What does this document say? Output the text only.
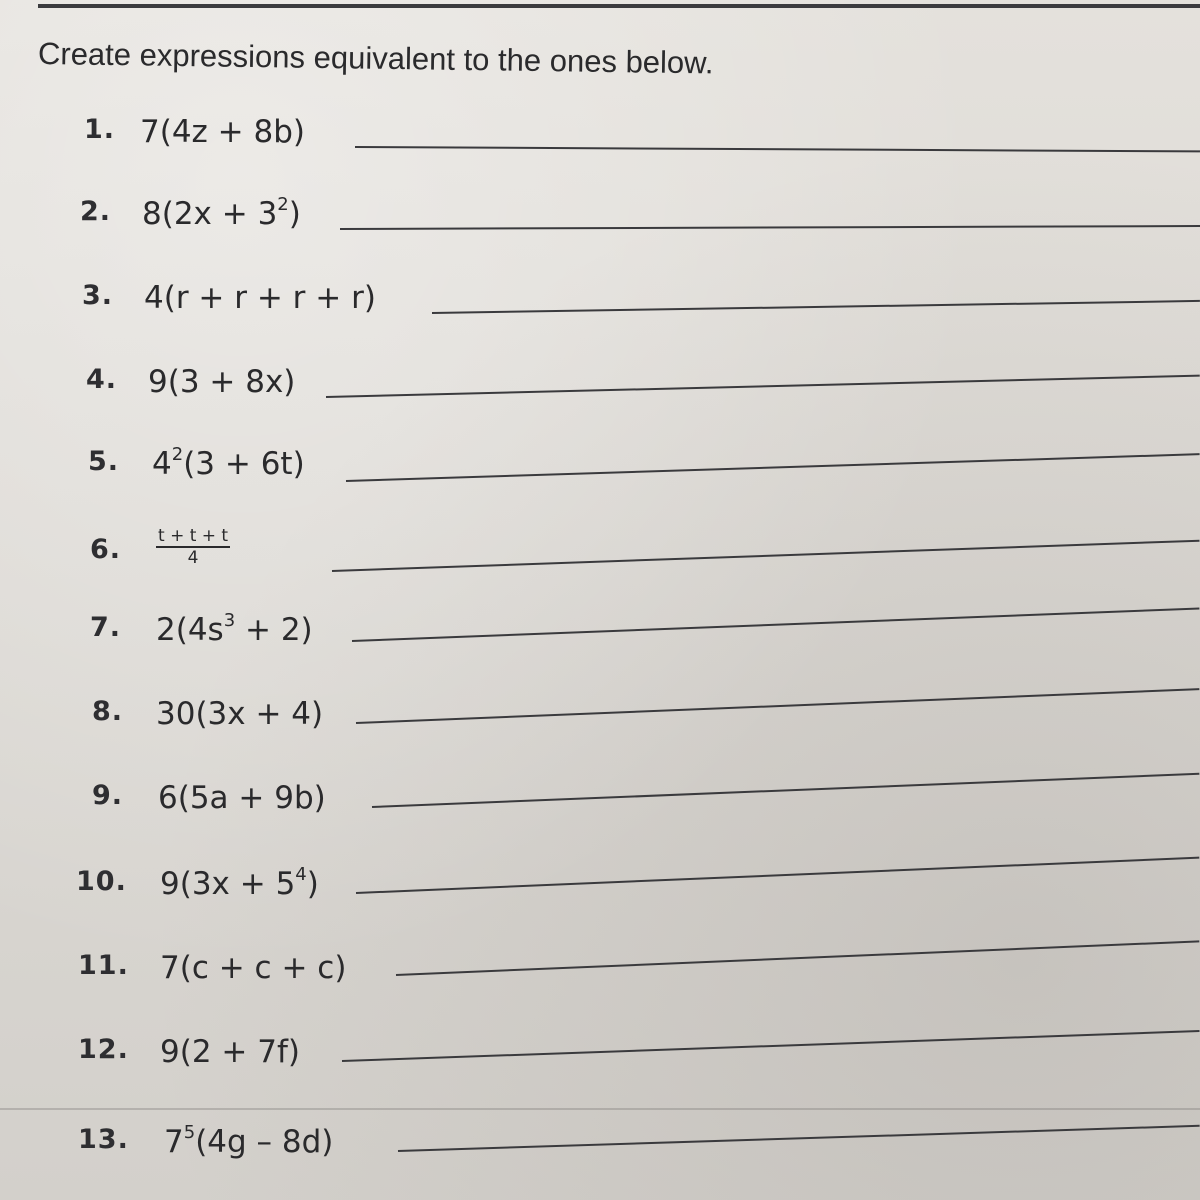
Create expressions equivalent to the ones below.
1. 7(4z + 8b)
2. $8(2x + 3^2)$
3. 4(r + r + r + r)
4. 9(3 + 8x)
5. $4^2(3 + 6t)$
6. $\frac{t + t + t}{4}$
7. $2(4s^3 + 2)$
8. 30(3x + 4)
9. 6(5a + 9b)
10. $9(3x + 5^4)$
11. 7(c + c + c)
12. 9(2 + 7f)
13. $7^5(4g - 8d)$
